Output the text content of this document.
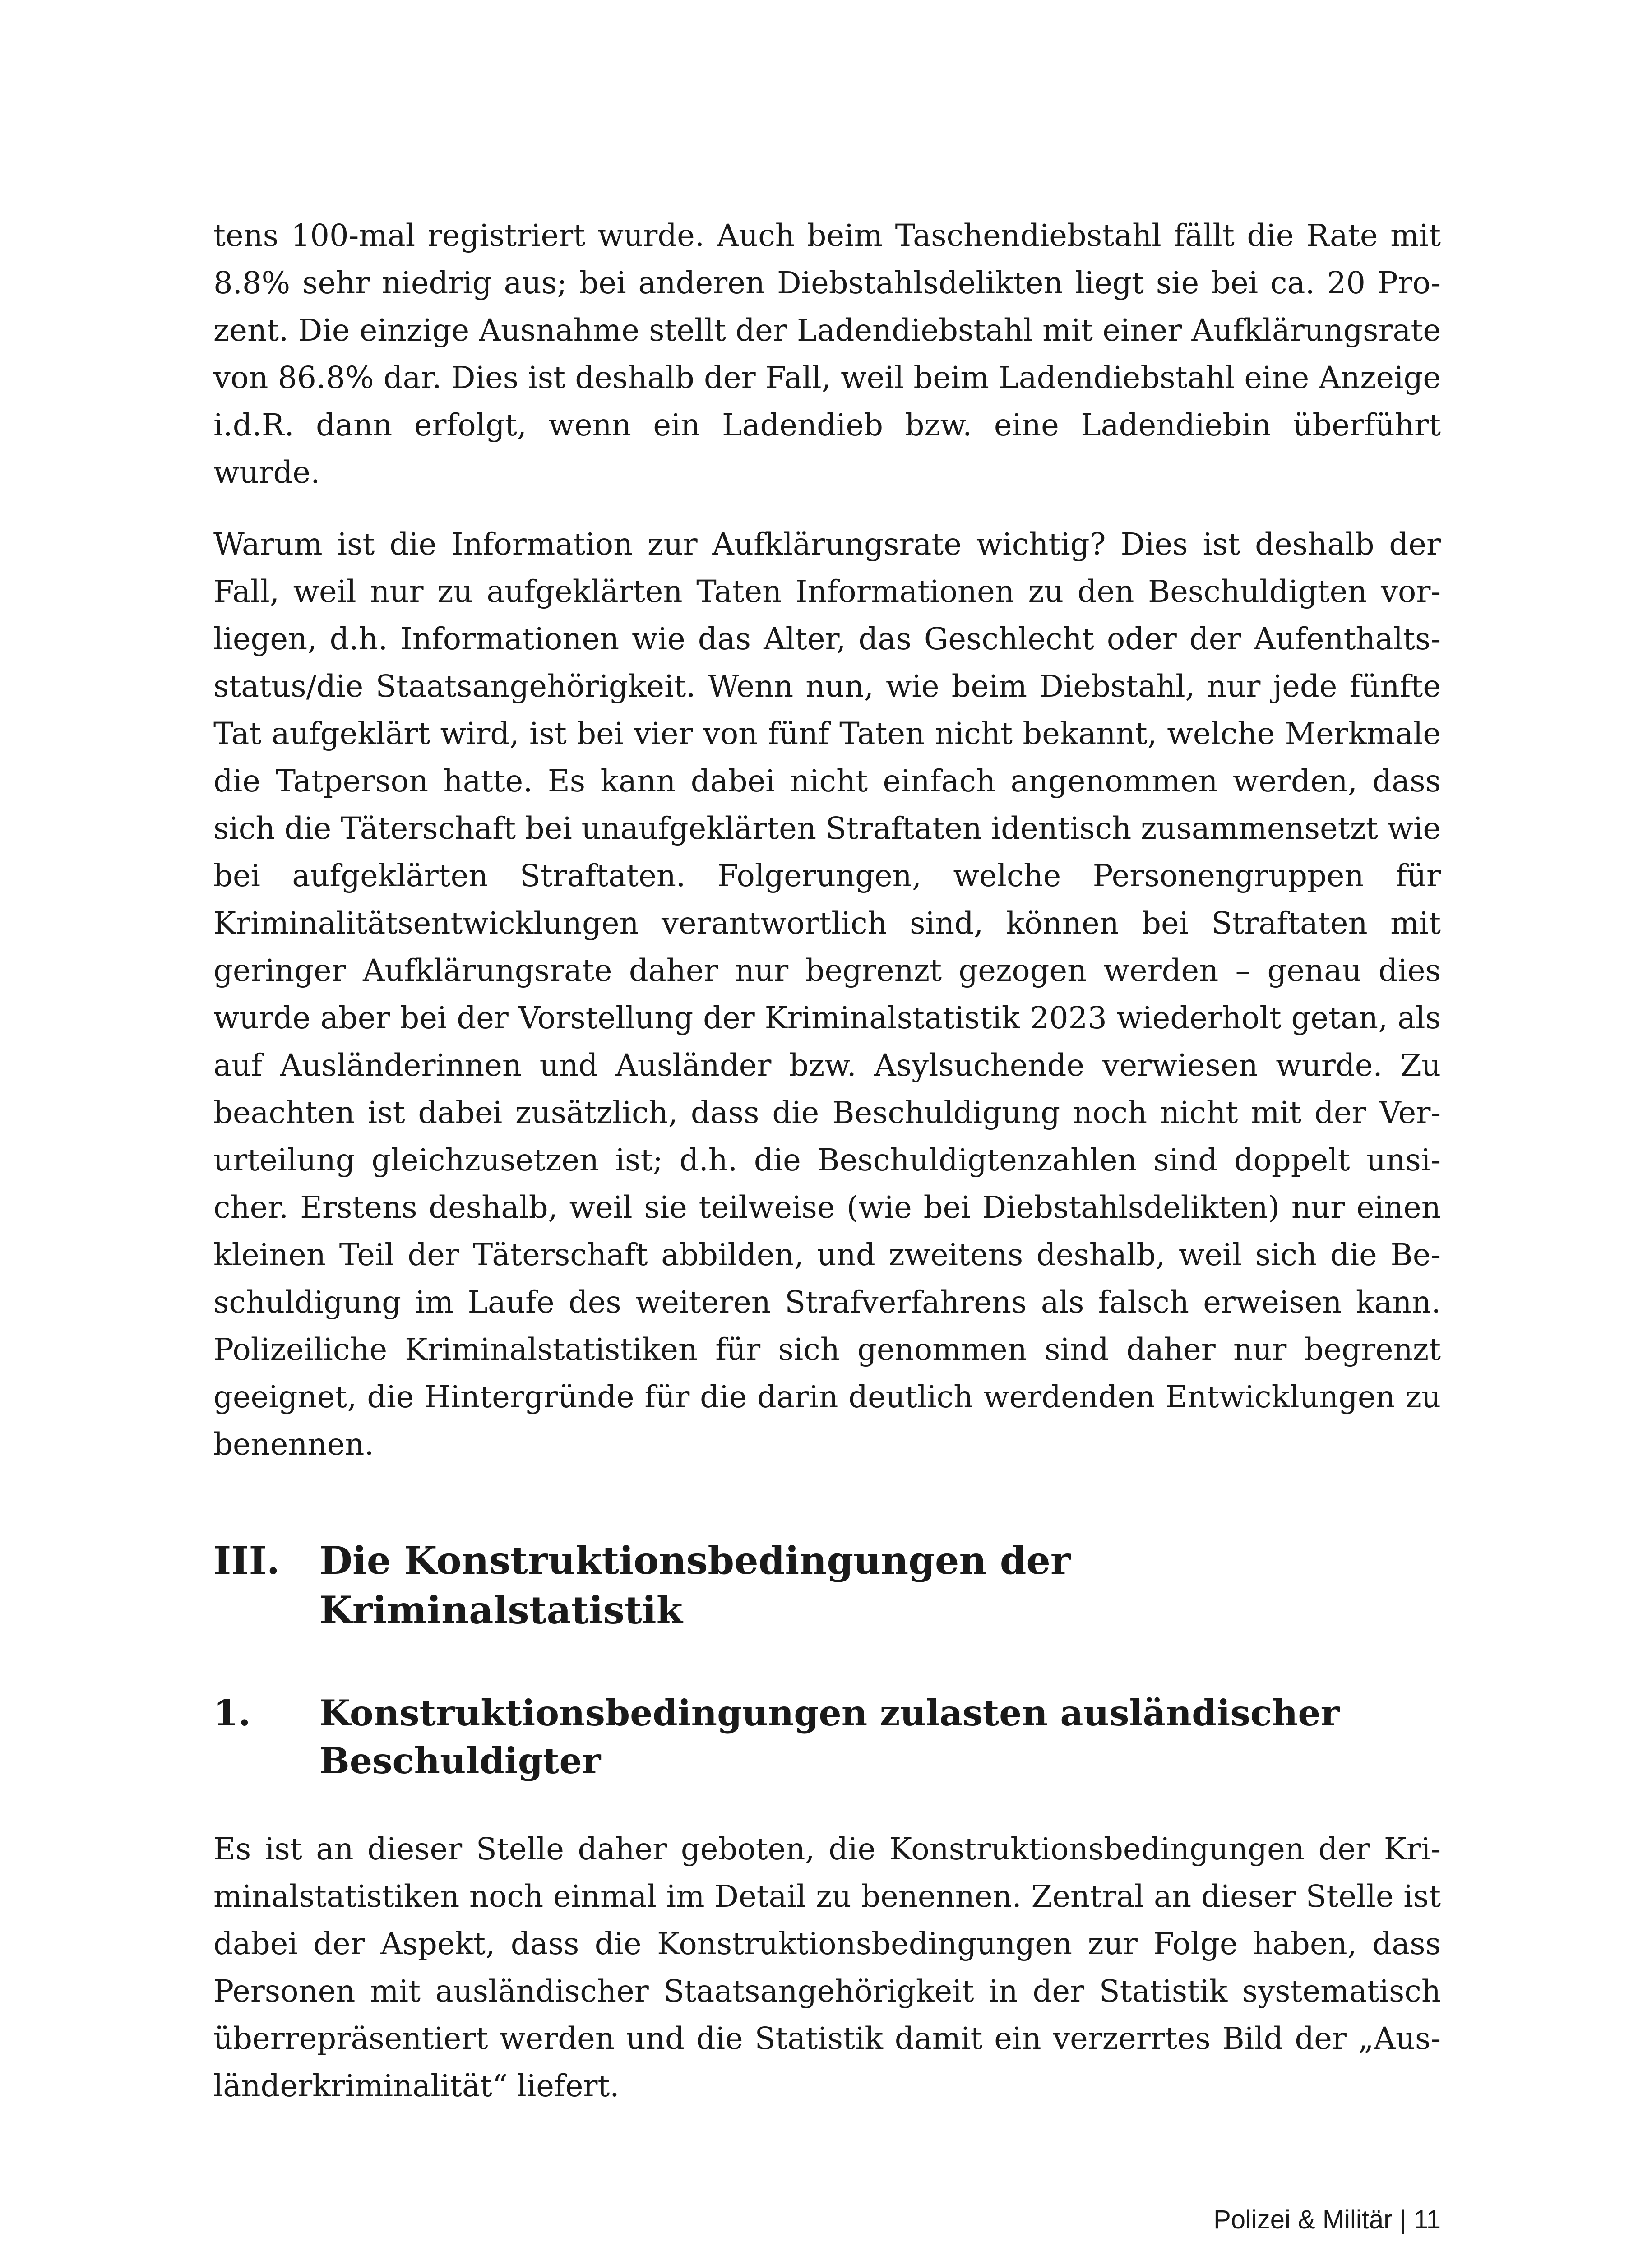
tens 100-mal registriert wurde. Auch beim Taschendiebstahl fällt die Rate mit 8.8% sehr niedrig aus; bei anderen Diebstahlsdelikten liegt sie bei ca. 20 Prozent. Die einzige Ausnahme stellt der Ladendiebstahl mit einer Aufklärungsrate von 86.8% dar. Dies ist deshalb der Fall, weil beim Ladendiebstahl eine Anzeige i.d.R. dann erfolgt, wenn ein Ladendieb bzw. eine Ladendiebin überführt wurde.

Warum ist die Information zur Aufklärungsrate wichtig? Dies ist deshalb der Fall, weil nur zu aufgeklärten Taten Informationen zu den Beschuldigten vorliegen, d.h. Informationen wie das Alter, das Geschlecht oder der Aufenthaltsstatus/die Staatsangehörigkeit. Wenn nun, wie beim Diebstahl, nur jede fünfte Tat aufgeklärt wird, ist bei vier von fünf Taten nicht bekannt, welche Merkmale die Tatperson hatte. Es kann dabei nicht einfach angenommen werden, dass sich die Täterschaft bei unaufgeklärten Straftaten identisch zusammensetzt wie bei aufgeklärten Straftaten. Folgerungen, welche Personengruppen für Kriminalitätsentwicklungen verantwortlich sind, können bei Straftaten mit geringer Aufklärungsrate daher nur begrenzt gezogen werden – genau dies wurde aber bei der Vorstellung der Kriminalstatistik 2023 wiederholt getan, als auf Ausländerinnen und Ausländer bzw. Asylsuchende verwiesen wurde. Zu beachten ist dabei zusätzlich, dass die Beschuldigung noch nicht mit der Verurteilung gleichzusetzen ist; d.h. die Beschuldigtenzahlen sind doppelt unsicher. Erstens deshalb, weil sie teilweise (wie bei Diebstahlsdelikten) nur einen kleinen Teil der Täterschaft abbilden, und zweitens deshalb, weil sich die Beschuldigung im Laufe des weiteren Strafverfahrens als falsch erweisen kann. Polizeiliche Kriminalstatistiken für sich genommen sind daher nur begrenzt geeignet, die Hintergründe für die darin deutlich werdenden Entwicklungen zu benennen.

III.	Die Konstruktionsbedingungen der Kriminalstatistik
1.	Konstruktionsbedingungen zulasten ausländischer Beschuldigter

Es ist an dieser Stelle daher geboten, die Konstruktionsbedingungen der Kriminalstatistiken noch einmal im Detail zu benennen. Zentral an dieser Stelle ist dabei der Aspekt, dass die Konstruktionsbedingungen zur Folge haben, dass Personen mit ausländischer Staatsangehörigkeit in der Statistik systematisch überrepräsentiert werden und die Statistik damit ein verzerrtes Bild der „Ausländerkriminalität“ liefert.

Polizei & Militär | 11
